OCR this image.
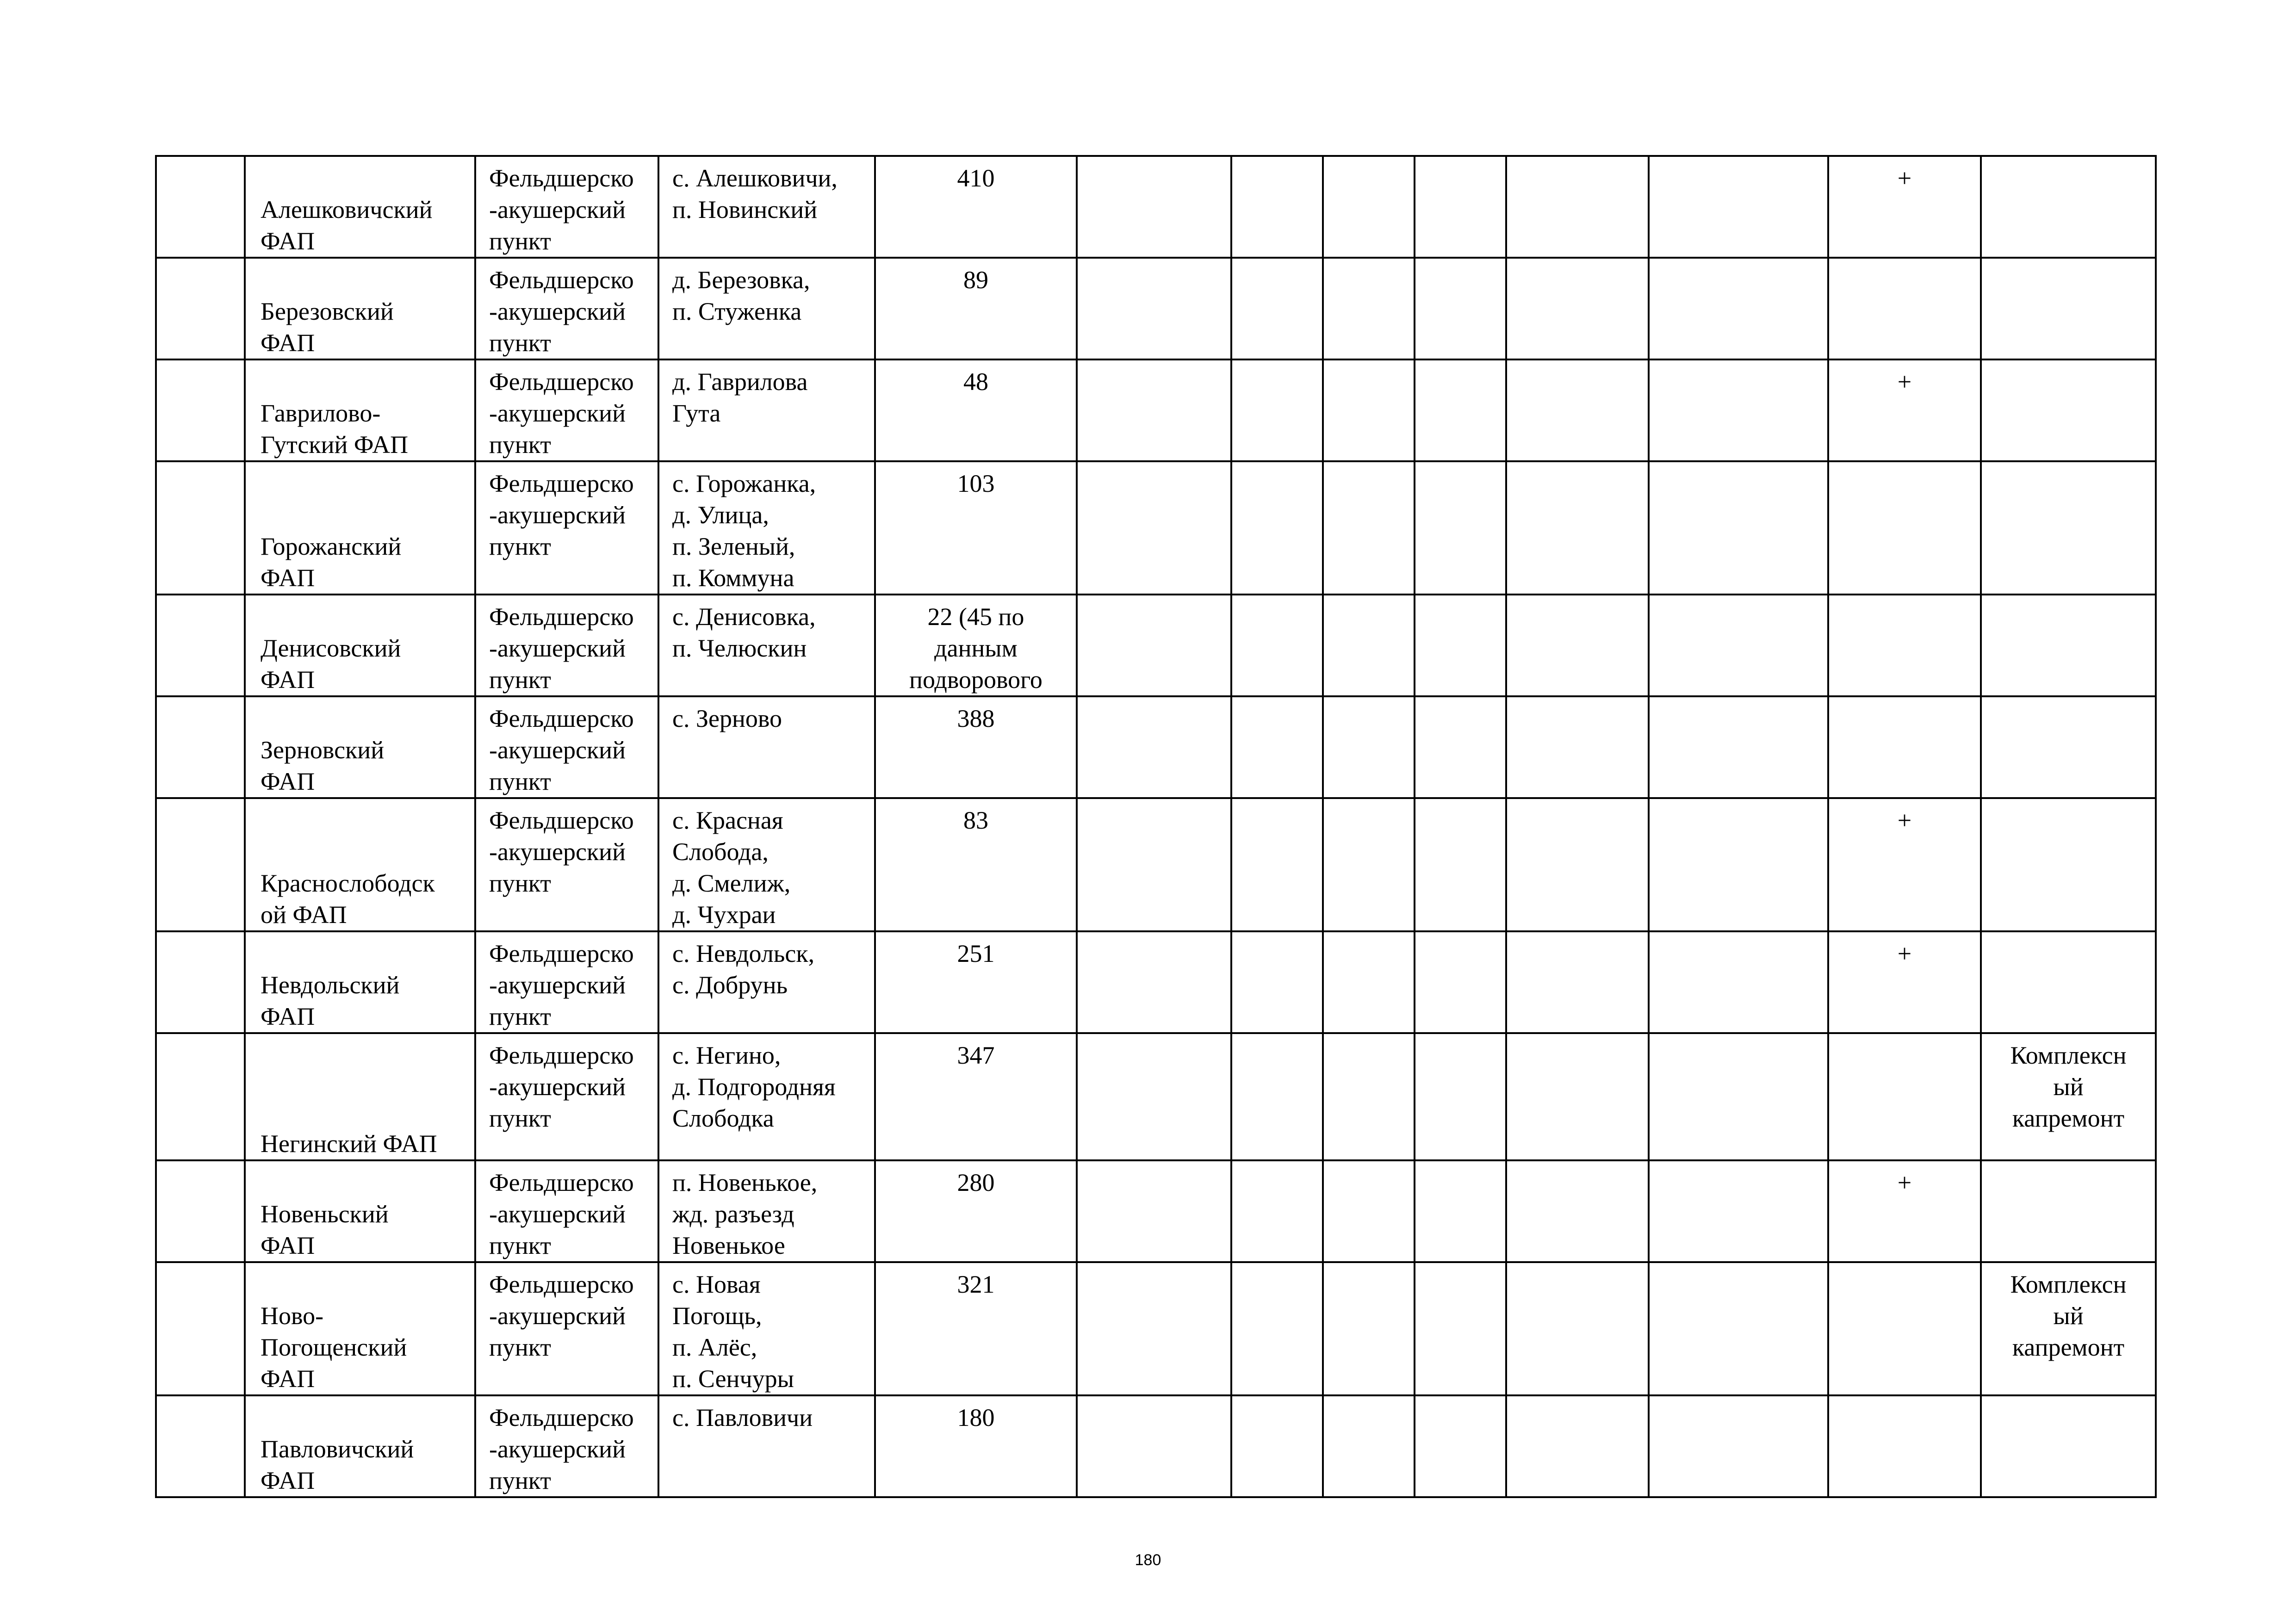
	Алешковичский
ФАП	Фельдшерско
-акушерский
пункт	с. Алешковичи,
п. Новинский	410							+	

	Березовский
ФАП	Фельдшерско
-акушерский
пункт	д. Березовка,
п. Стуженка	89								

	Гаврилово-
Гутский ФАП	Фельдшерско
-акушерский
пункт	д. Гаврилова
Гута	48							+	

	Горожанский
ФАП	Фельдшерско
-акушерский
пункт	с. Горожанка,
д. Улица,
п. Зеленый,
п. Коммуна	103								

	Денисовский
ФАП	Фельдшерско
-акушерский
пункт	с. Денисовка,
п. Челюскин	22 (45 по
данным
подворового								

	Зерновский
ФАП	Фельдшерско
-акушерский
пункт	с. Зерново	388								

	Краснослободск
ой ФАП	Фельдшерско
-акушерский
пункт	с. Красная
Слобода,
д. Смелиж,
д. Чухраи	83							+	

	Невдольский
ФАП	Фельдшерско
-акушерский
пункт	с. Невдольск,
с. Добрунь	251							+	

	Негинский ФАП	Фельдшерско
-акушерский
пункт	с. Негино,
д. Подгородняя
Слободка	347								Комплексн
ый
капремонт

	Новеньский
ФАП	Фельдшерско
-акушерский
пункт	п. Новенькое,
жд. разъезд
Новенькое	280							+	

	Ново-
Погощенский
ФАП	Фельдшерско
-акушерский
пункт	с. Новая
Погощь,
п. Алёс,
п. Сенчуры	321								Комплексн
ый
капремонт

	Павловичский
ФАП	Фельдшерско
-акушерский
пункт	с. Павловичи	180								

180
